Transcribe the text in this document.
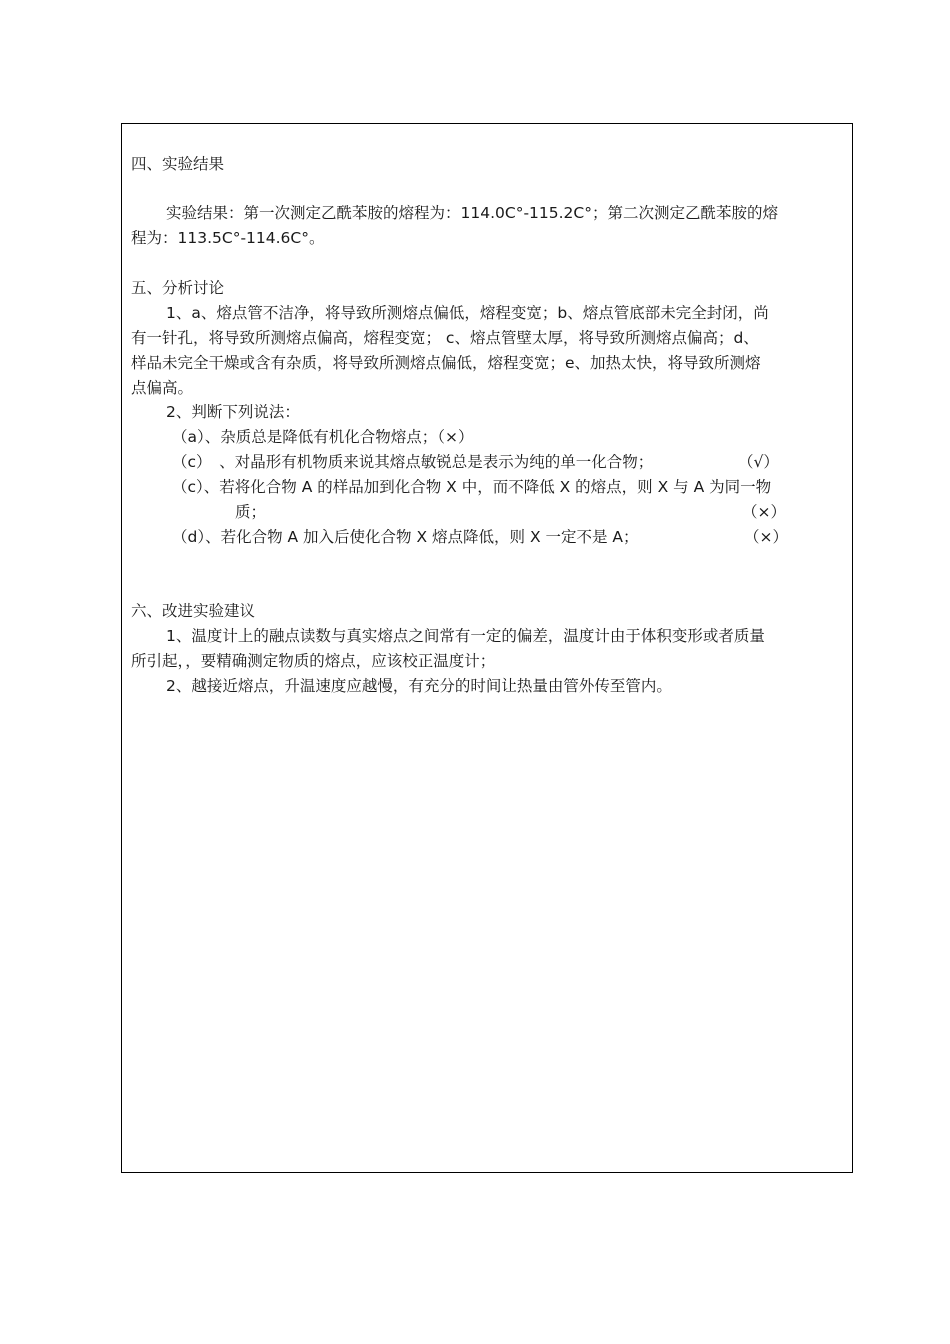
四、实验结果

实验结果：第一次测定乙酰苯胺的熔程为：114.0C°-115.2C°；第二次测定乙酰苯胺的熔

程为：113.5C°-114.6C°。

五、分析讨论

1、a、熔点管不洁净，将导致所测熔点偏低，熔程变宽；b、熔点管底部未完全封闭，尚

有一针孔，将导致所测熔点偏高，熔程变宽； c、熔点管壁太厚，将导致所测熔点偏高；d、

样品未完全干燥或含有杂质，将导致所测熔点偏低，熔程变宽；e、加热太快，将导致所测熔

点偏高。

2、判断下列说法：

（a）、杂质总是降低有机化合物熔点；（×）

（c）　、对晶形有机物质来说其熔点敏锐总是表示为纯的单一化合物；	（√）

（c）、若将化合物 A 的样品加到化合物 X 中，而不降低 X 的熔点，则 X 与 A 为同一物

质；	（×）

（d）、若化合物 A 加入后使化合物 X 熔点降低，则 X 一定不是 A；	（×）

六、改进实验建议

1、温度计上的融点读数与真实熔点之间常有一定的偏差，温度计由于体积变形或者质量

所引起，，要精确测定物质的熔点，应该校正温度计；

2、越接近熔点，升温速度应越慢，有充分的时间让热量由管外传至管内。
